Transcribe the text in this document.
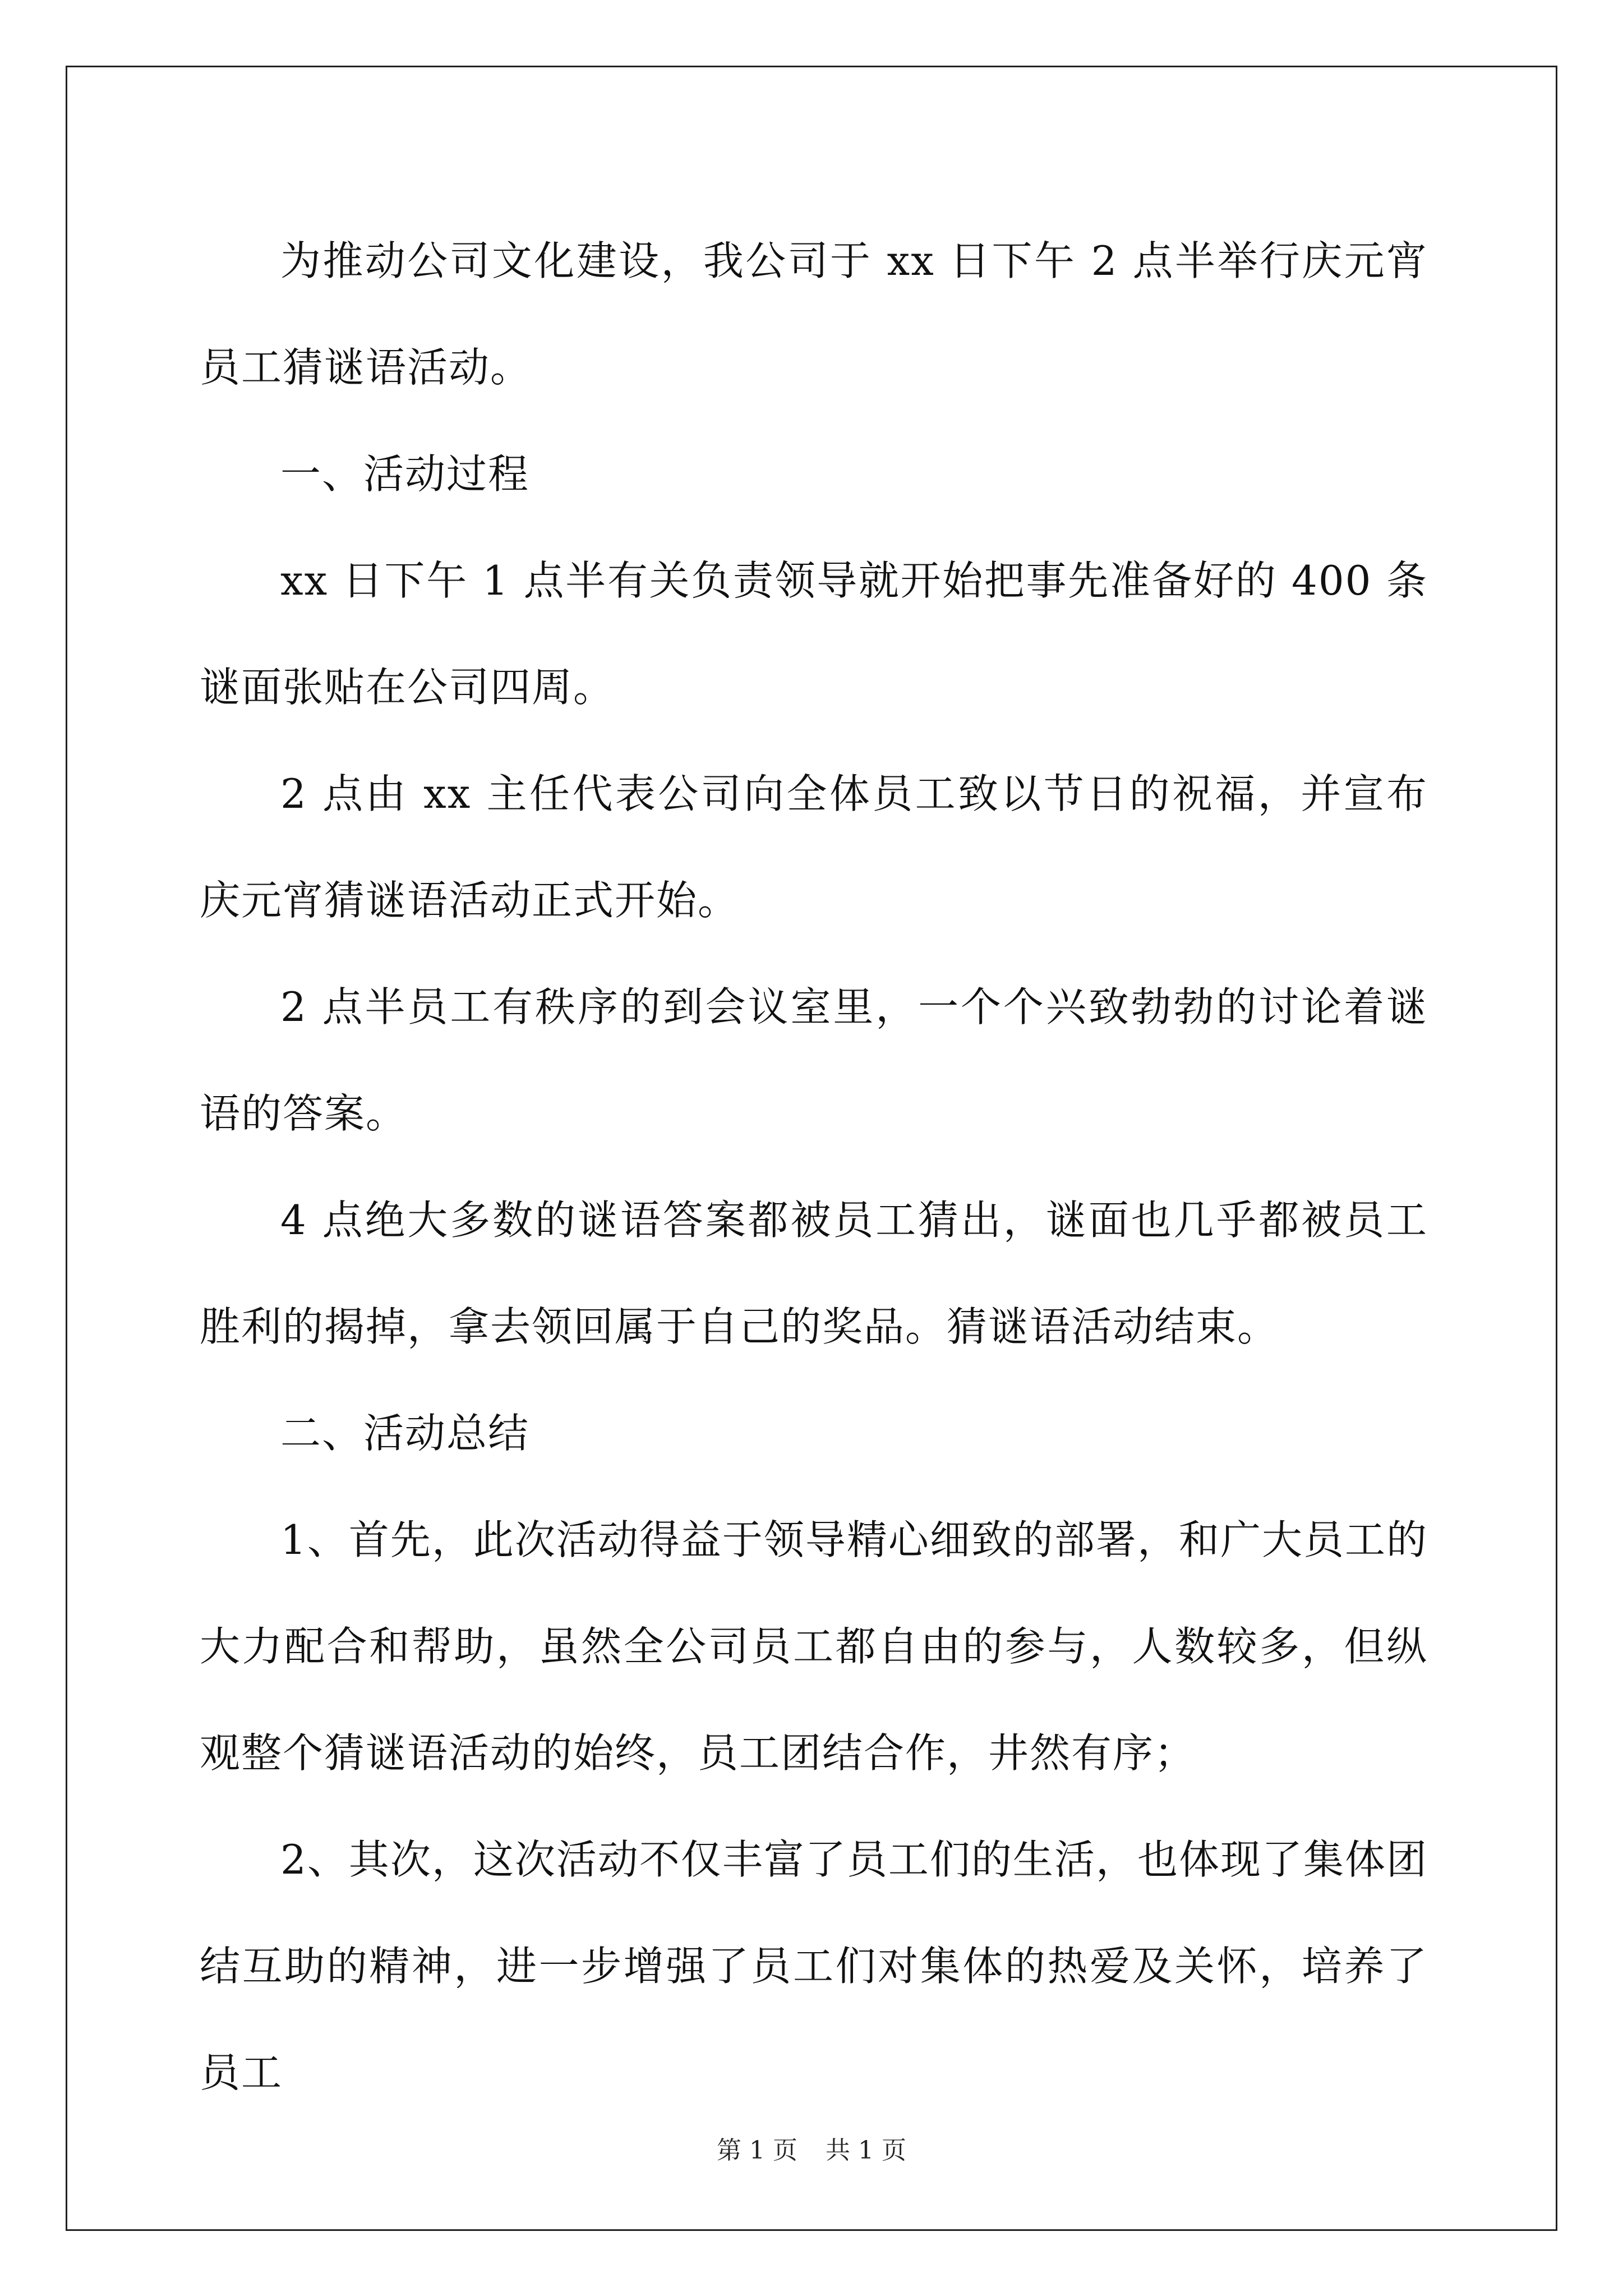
为推动公司文化建设，我公司于 xx 日下午 2 点半举行庆元宵员工猜谜语活动。

一、活动过程

xx 日下午 1 点半有关负责领导就开始把事先准备好的 400 条谜面张贴在公司四周。

2 点由 xx 主任代表公司向全体员工致以节日的祝福，并宣布庆元宵猜谜语活动正式开始。

2 点半员工有秩序的到会议室里，一个个兴致勃勃的讨论着谜语的答案。

4 点绝大多数的谜语答案都被员工猜出，谜面也几乎都被员工胜利的揭掉，拿去领回属于自己的奖品。猜谜语活动结束。

二、活动总结

1、首先，此次活动得益于领导精心细致的部署，和广大员工的大力配合和帮助，虽然全公司员工都自由的参与，人数较多，但纵观整个猜谜语活动的始终，员工团结合作，井然有序；

2、其次，这次活动不仅丰富了员工们的生活，也体现了集体团结互助的精神，进一步增强了员工们对集体的热爱及关怀，培养了员工

第 1 页 共 1 页
